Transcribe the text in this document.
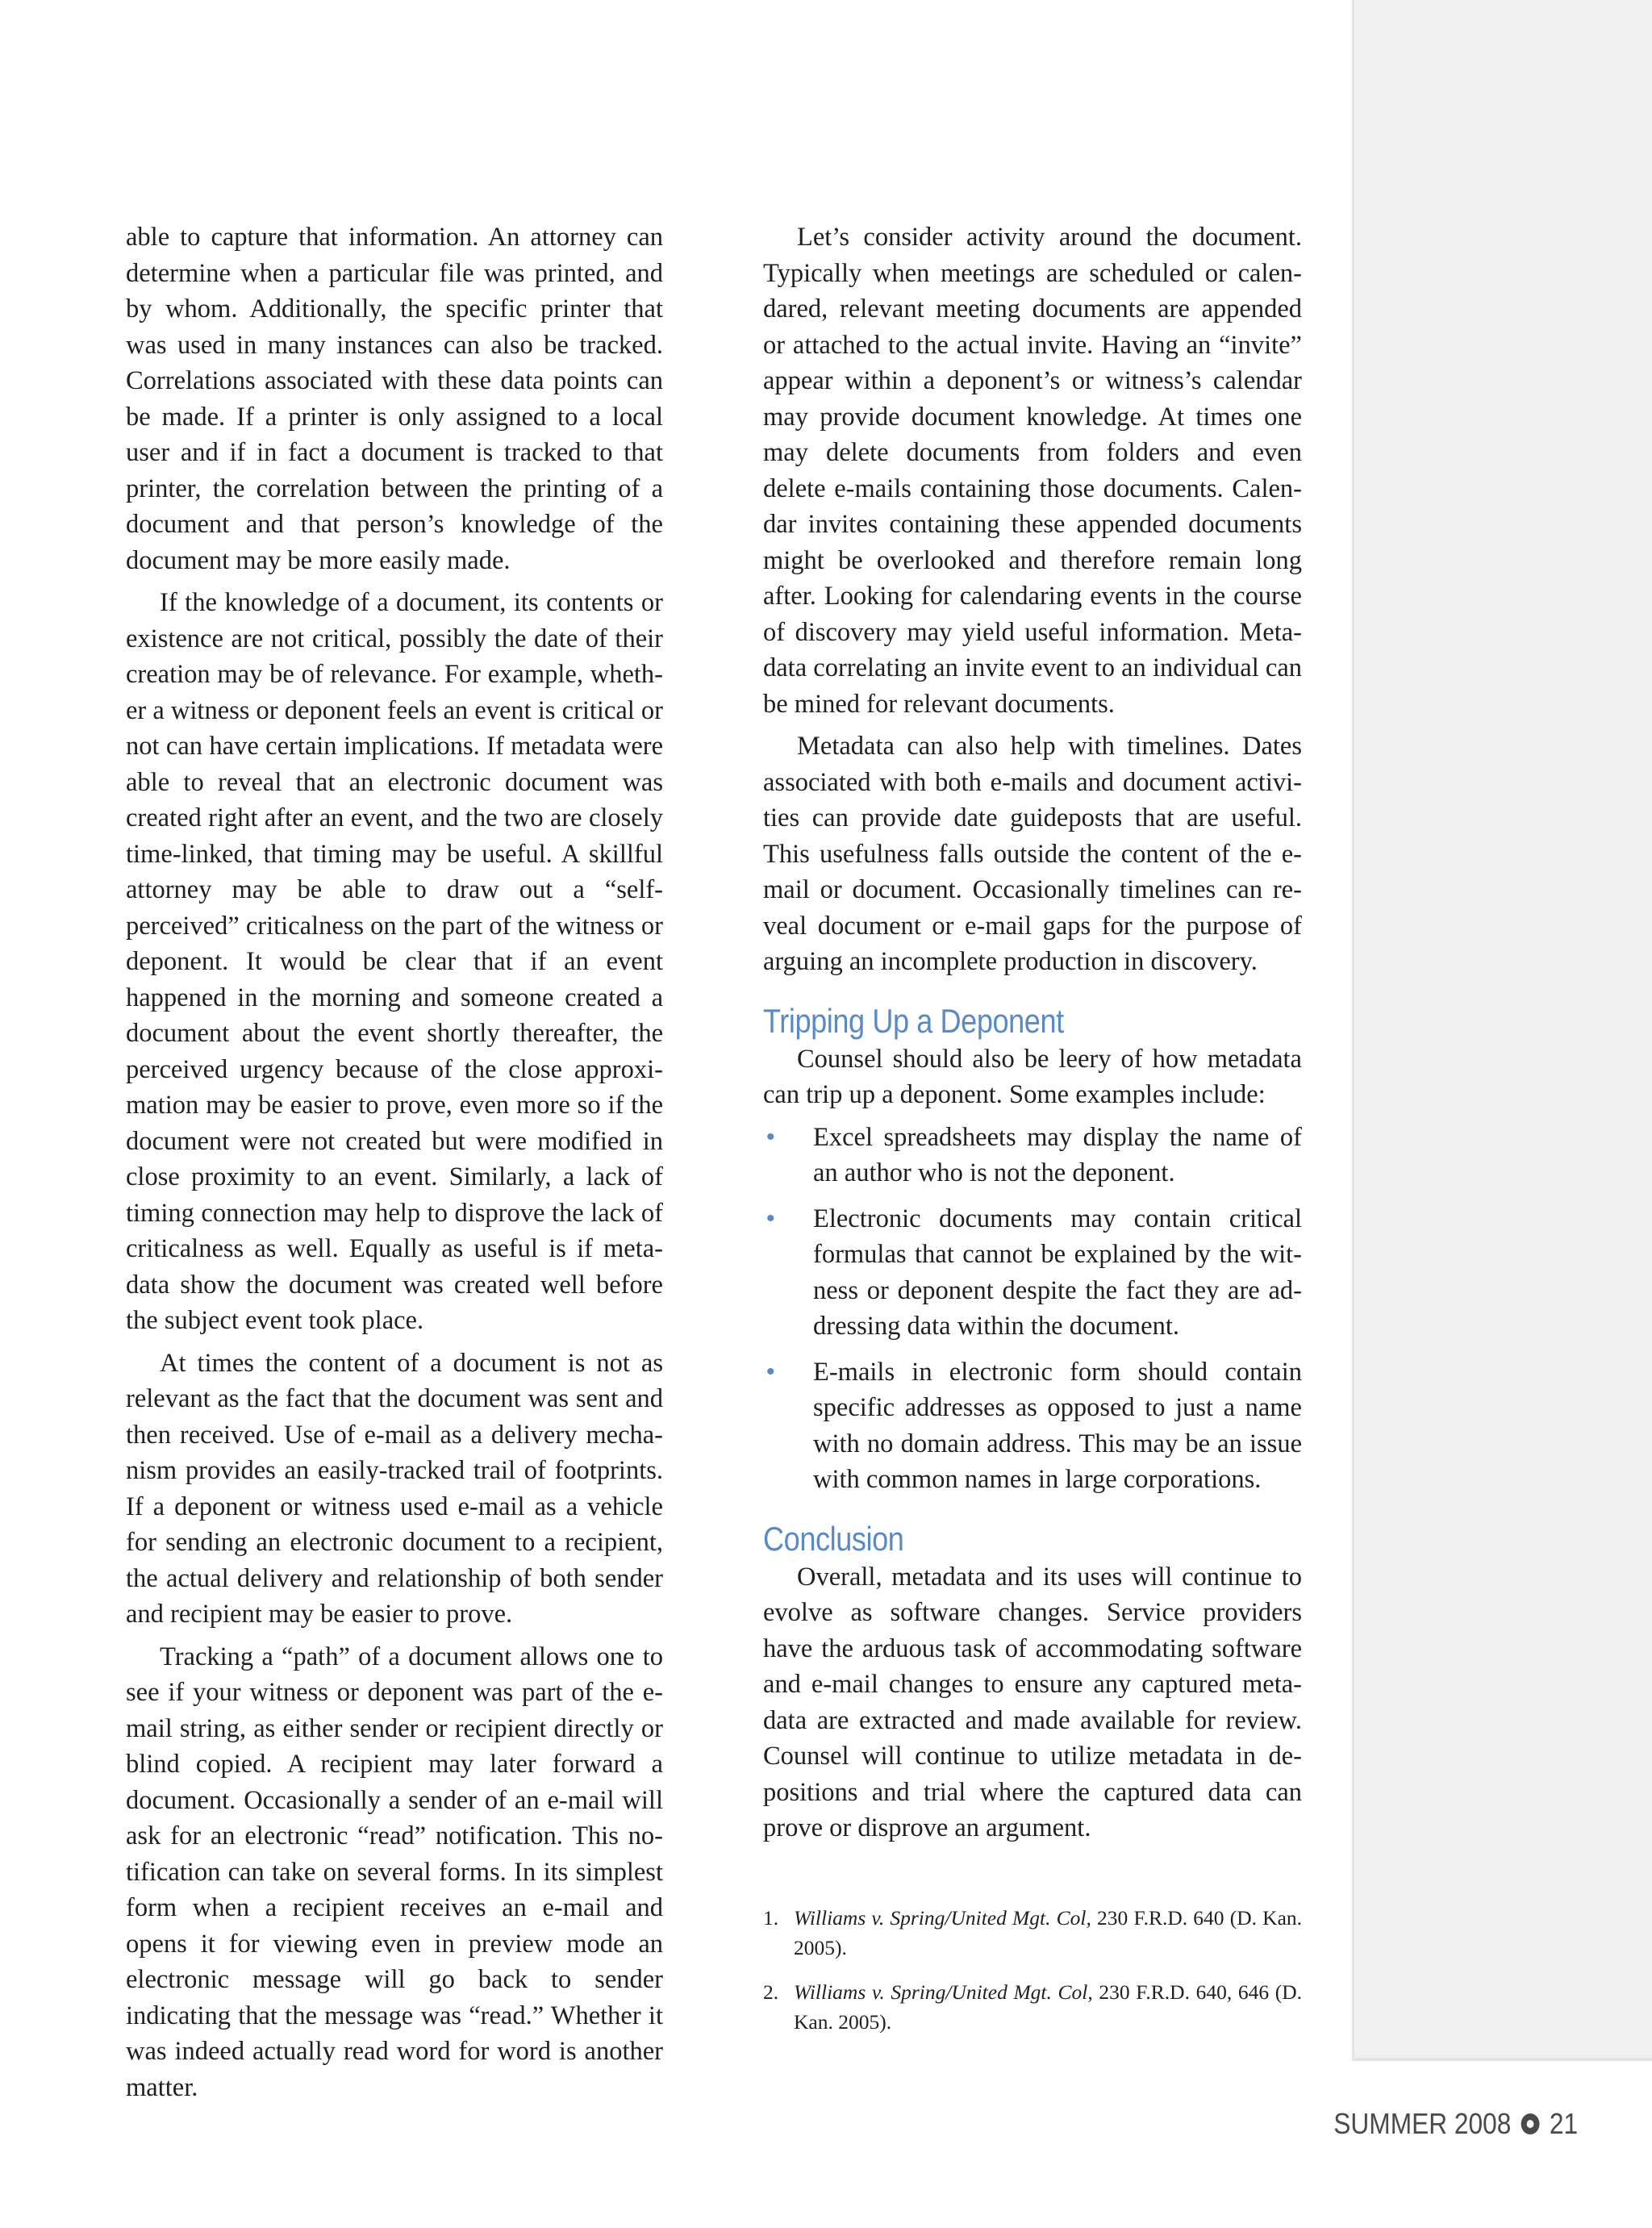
able to capture that information. An attorney can determine when a particular file was printed, and by whom. Additionally, the specific printer that was used in many instances can also be tracked. Correlations associated with these data points can be made. If a printer is only assigned to a local user and if in fact a document is tracked to that printer, the correlation between the printing of a document and that person’s knowledge of the document may be more easily made.

If the knowledge of a document, its contents or existence are not critical, possibly the date of their creation may be of relevance. For example, whether a witness or deponent feels an event is critical or not can have certain implications. If metadata were able to reveal that an electronic document was created right after an event, and the two are closely time-linked, that timing may be useful. A skillful attorney may be able to draw out a “self-perceived” criticalness on the part of the witness or deponent. It would be clear that if an event happened in the morning and someone created a document about the event shortly thereafter, the perceived urgency because of the close approximation may be easier to prove, even more so if the document were not created but were modified in close proximity to an event. Similarly, a lack of timing connection may help to disprove the lack of criticalness as well. Equally as useful is if metadata show the document was created well before the subject event took place.

At times the content of a document is not as relevant as the fact that the document was sent and then received. Use of e-mail as a delivery mechanism provides an easily-tracked trail of footprints. If a deponent or witness used e-mail as a vehicle for sending an electronic document to a recipient, the actual delivery and relationship of both sender and recipient may be easier to prove.

Tracking a “path” of a document allows one to see if your witness or deponent was part of the e-mail string, as either sender or recipient directly or blind copied. A recipient may later forward a document. Occasionally a sender of an e-mail will ask for an electronic “read” notification. This notification can take on several forms. In its simplest form when a recipient receives an e-mail and opens it for viewing even in preview mode an electronic message will go back to sender indicating that the message was “read.” Whether it was indeed actually read word for word is another matter.

Let’s consider activity around the document. Typically when meetings are scheduled or calendared, relevant meeting documents are appended or attached to the actual invite. Having an “invite” appear within a deponent’s or witness’s calendar may provide document knowledge. At times one may delete documents from folders and even delete e-mails containing those documents. Calendar invites containing these appended documents might be overlooked and therefore remain long after. Looking for calendaring events in the course of discovery may yield useful information. Metadata correlating an invite event to an individual can be mined for relevant documents.

Metadata can also help with timelines. Dates associated with both e-mails and document activities can provide date guideposts that are useful. This usefulness falls outside the content of the e-mail or document. Occasionally timelines can reveal document or e-mail gaps for the purpose of arguing an incomplete production in discovery.

Tripping Up a Deponent

Counsel should also be leery of how metadata can trip up a deponent. Some examples include:

• Excel spreadsheets may display the name of an author who is not the deponent.
• Electronic documents may contain critical formulas that cannot be explained by the witness or deponent despite the fact they are addressing data within the document.
• E-mails in electronic form should contain specific addresses as opposed to just a name with no domain address. This may be an issue with common names in large corporations.
Conclusion

Overall, metadata and its uses will continue to evolve as software changes. Service providers have the arduous task of accommodating software and e-mail changes to ensure any captured metadata are extracted and made available for review. Counsel will continue to utilize metadata in depositions and trial where the captured data can prove or disprove an argument.

1. Williams v. Spring/United Mgt. Col, 230 F.R.D. 640 (D. Kan. 2005).
2. Williams v. Spring/United Mgt. Col, 230 F.R.D. 640, 646 (D. Kan. 2005).
SUMMER 2008 21
